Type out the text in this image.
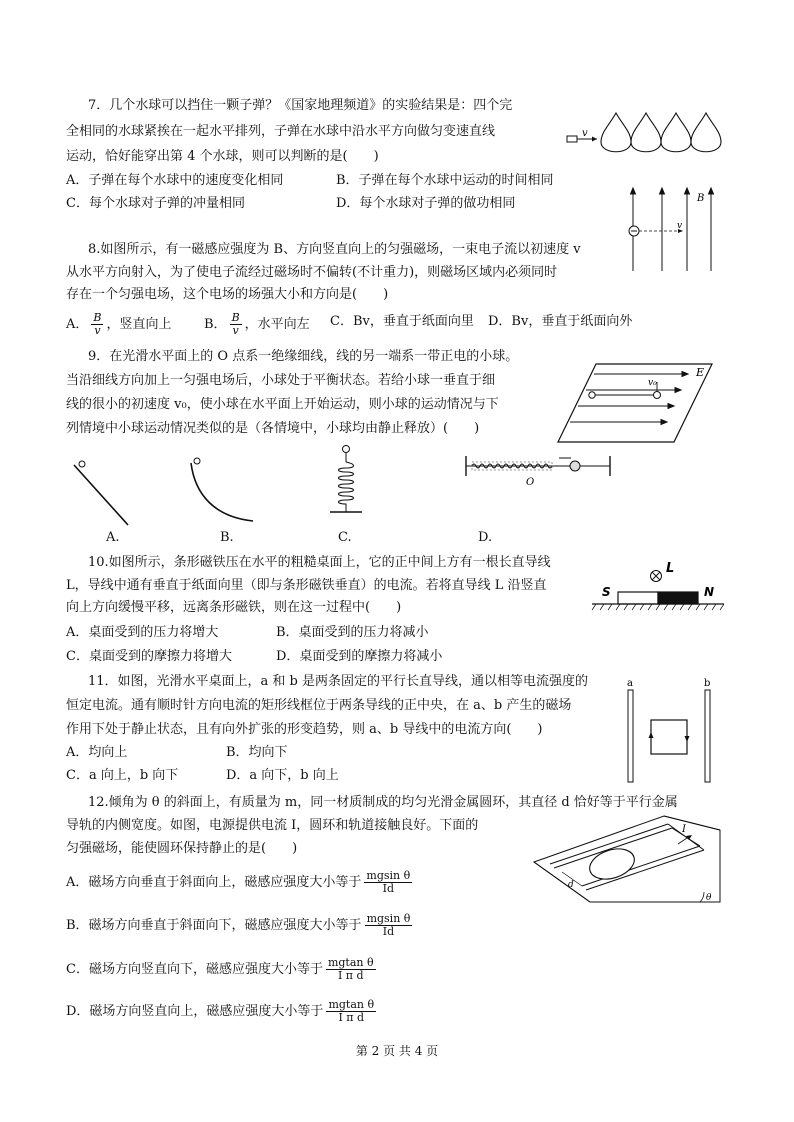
7．几个水球可以挡住一颗子弹？《国家地理频道》的实验结果是：四个完
全相同的水球紧挨在一起水平排列，子弹在水球中沿水平方向做匀变速直线
运动，恰好能穿出第 4 个水球，则可以判断的是(　　)
A．子弹在每个水球中的速度变化相同	B．子弹在每个水球中运动的时间相同
C．每个水球对子弹的冲量相同	D．每个水球对子弹的做功相同
v
8.如图所示，有一磁感应强度为 B、方向竖直向上的匀强磁场，一束电子流以初速度 v
从水平方向射入，为了使电子流经过磁场时不偏转(不计重力)，则磁场区域内必须同时
存在一个匀强电场，这个电场的场强大小和方向是(　　)
A． $\frac{B}{v}$ ，竖直向上	B． $\frac{B}{v}$ ，水平向左 C．Bv，垂直于纸面向里 D．Bv，垂直于纸面向外
B
v
9．在光滑水平面上的 O 点系一绝缘细线，线的另一端系一带正电的小球。
当沿细线方向加上一匀强电场后，小球处于平衡状态。若给小球一垂直于细
线的很小的初速度 v₀，使小球在水平面上开始运动，则小球的运动情况与下
列情境中小球运动情况类似的是（各情境中，小球均由静止释放）(　　)
E
v₀
O
A.	B.	C.	D.
10.如图所示，条形磁铁压在水平的粗糙桌面上，它的正中间上方有一根长直导线
L，导线中通有垂直于纸面向里（即与条形磁铁垂直）的电流。若将直导线 L 沿竖直
向上方向缓慢平移，远离条形磁铁，则在这一过程中(　　)
A．桌面受到的压力将增大	B．桌面受到的压力将减小
C．桌面受到的摩擦力将增大	D．桌面受到的摩擦力将减小
L
S	N
11．如图，光滑水平桌面上，a 和 b 是两条固定的平行长直导线，通以相等电流强度的
恒定电流。通有顺时针方向电流的矩形线框位于两条导线的正中央，在 a、b 产生的磁场
作用下处于静止状态，且有向外扩张的形变趋势，则 a、b 导线中的电流方向(　　)
A．均向上	B．均向下
C．a 向上，b 向下	D．a 向下，b 向上
a	b
12.倾角为 θ 的斜面上，有质量为 m，同一材质制成的均匀光滑金属圆环，其直径 d 恰好等于平行金属
导轨的内侧宽度。如图，电源提供电流 I，圆环和轨道接触良好。下面的
匀强磁场，能使圆环保持静止的是(　　)
A．磁场方向垂直于斜面向上，磁感应强度大小等于 $\frac{\text{mgsin θ}}{Id}$
B．磁场方向垂直于斜面向下，磁感应强度大小等于 $\frac{\text{mgsin θ}}{Id}$
C．磁场方向竖直向下，磁感应强度大小等于 $\frac{\text{mgtan θ}}{\text{I π d}}$
D．磁场方向竖直向上，磁感应强度大小等于 $\frac{\text{mgtan θ}}{\text{I π d}}$
d
I
θ
第 2 页 共 4 页
